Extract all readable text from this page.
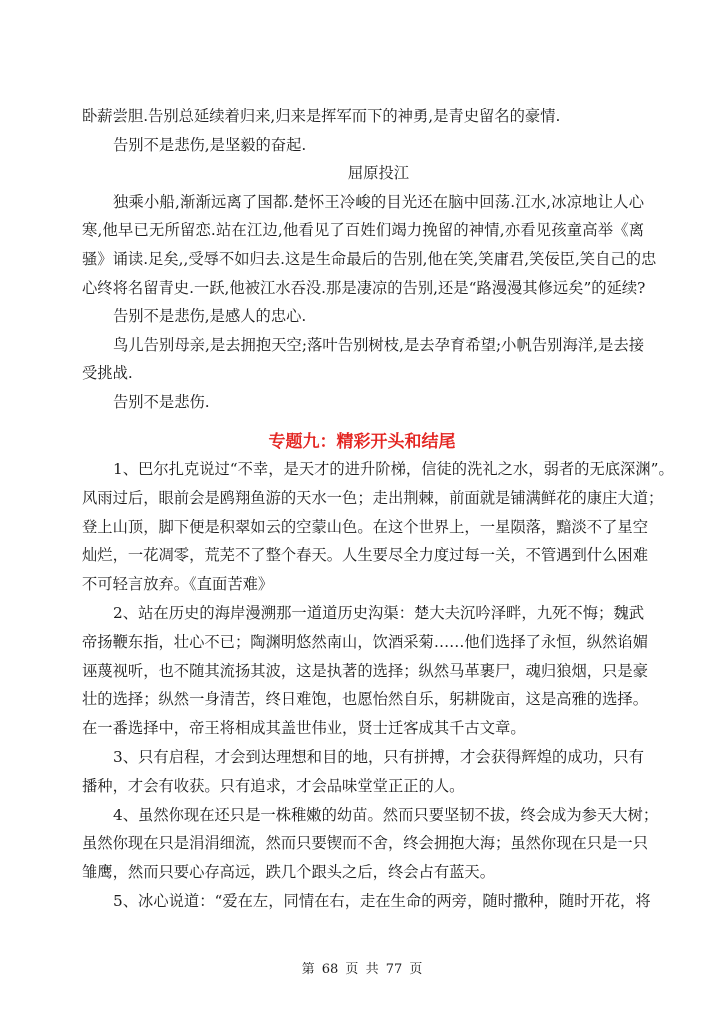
卧薪尝胆.告别总延续着归来,归来是挥军而下的神勇,是青史留名的豪情.
告别不是悲伤,是坚毅的奋起.
屈原投江
独乘小船,渐渐远离了国都.楚怀王冷峻的目光还在脑中回荡.江水,冰凉地让人心
寒,他早已无所留恋.站在江边,他看见了百姓们竭力挽留的神情,亦看见孩童高举《离
骚》诵读.足矣,,受辱不如归去.这是生命最后的告别,他在笑,笑庸君,笑佞臣,笑自己的忠
心终将名留青史.一跃,他被江水吞没.那是凄凉的告别,还是“路漫漫其修远矣”的延续?
告别不是悲伤,是感人的忠心.
鸟儿告别母亲,是去拥抱天空;落叶告别树枝,是去孕育希望;小帆告别海洋,是去接
受挑战.
告别不是悲伤.
专题九：精彩开头和结尾
1、巴尔扎克说过“不幸，是天才的进升阶梯，信徒的洗礼之水，弱者的无底深渊”。
风雨过后，眼前会是鸥翔鱼游的天水一色；走出荆棘，前面就是铺满鲜花的康庄大道；
登上山顶，脚下便是积翠如云的空蒙山色。在这个世界上，一星陨落，黯淡不了星空
灿烂，一花凋零，荒芜不了整个春天。人生要尽全力度过每一关，不管遇到什么困难
不可轻言放弃。《直面苦难》
2、站在历史的海岸漫溯那一道道历史沟渠：楚大夫沉吟泽畔，九死不悔；魏武
帝扬鞭东指，壮心不已；陶渊明悠然南山，饮酒采菊……他们选择了永恒，纵然谄媚
诬蔑视听，也不随其流扬其波，这是执著的选择；纵然马革裹尸，魂归狼烟，只是豪
壮的选择；纵然一身清苦，终日难饱，也愿怡然自乐，躬耕陇亩，这是高雅的选择。
在一番选择中，帝王将相成其盖世伟业，贤士迁客成其千古文章。
3、只有启程，才会到达理想和目的地，只有拼搏，才会获得辉煌的成功，只有
播种，才会有收获。只有追求，才会品味堂堂正正的人。
4、虽然你现在还只是一株稚嫩的幼苗。然而只要坚韧不拔，终会成为参天大树；
虽然你现在只是涓涓细流，然而只要锲而不舍，终会拥抱大海；虽然你现在只是一只
雏鹰，然而只要心存高远，跌几个跟头之后，终会占有蓝天。
5、冰心说道：“爱在左，同情在右，走在生命的两旁，随时撒种，随时开花，将
第 68 页 共 77 页
